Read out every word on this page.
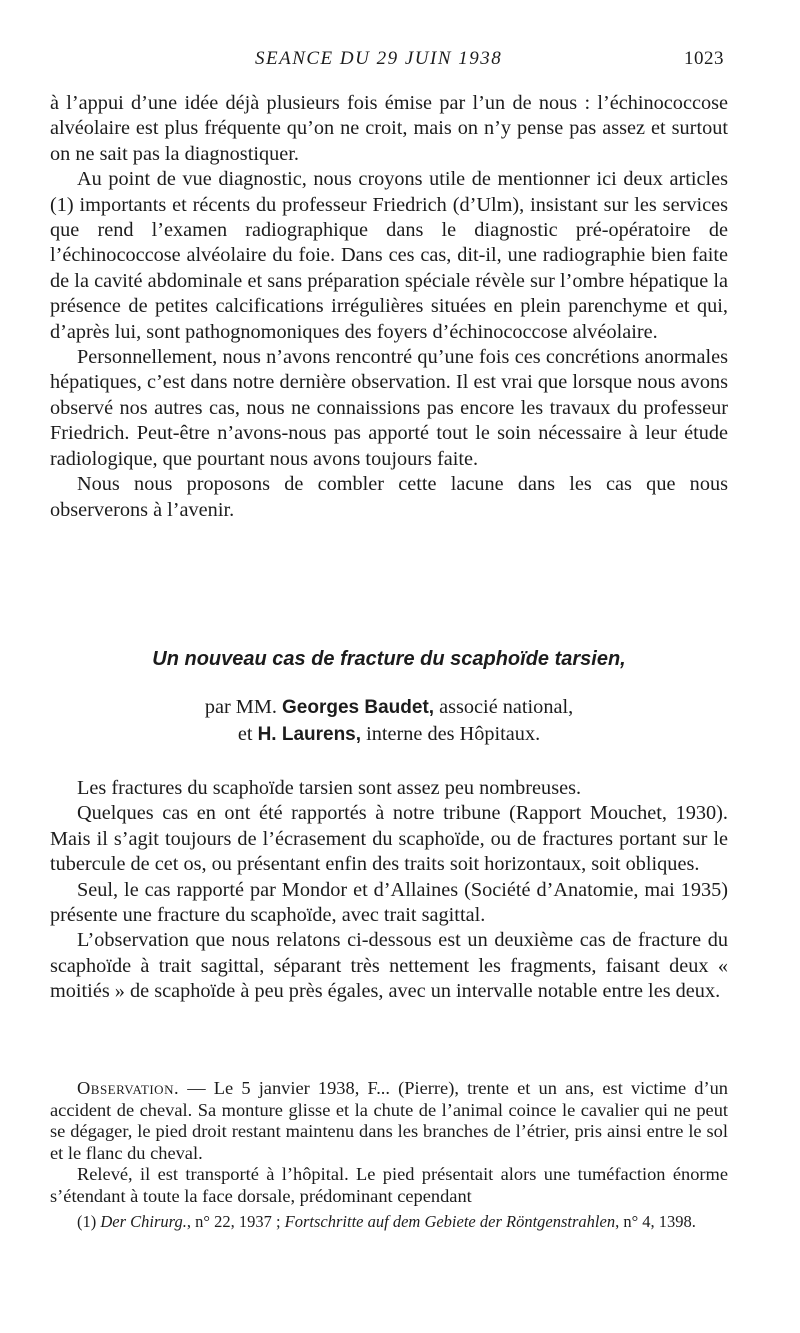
SEANCE DU 29 JUIN 1938	1023

à l’appui d’une idée déjà plusieurs fois émise par l’un de nous : l’échinococcose alvéolaire est plus fréquente qu’on ne croit, mais on n’y pense pas assez et surtout on ne sait pas la diagnostiquer.

Au point de vue diagnostic, nous croyons utile de mentionner ici deux articles (1) importants et récents du professeur Friedrich (d’Ulm), insistant sur les services que rend l’examen radiographique dans le diagnostic pré-opératoire de l’échinococcose alvéolaire du foie. Dans ces cas, dit-il, une radiographie bien faite de la cavité abdominale et sans préparation spéciale révèle sur l’ombre hépatique la présence de petites calcifications irrégulières situées en plein parenchyme et qui, d’après lui, sont pathognomoniques des foyers d’échinococcose alvéolaire.

Personnellement, nous n’avons rencontré qu’une fois ces concrétions anormales hépatiques, c’est dans notre dernière observation. Il est vrai que lorsque nous avons observé nos autres cas, nous ne connaissions pas encore les travaux du professeur Friedrich. Peut-être n’avons-nous pas apporté tout le soin nécessaire à leur étude radiologique, que pourtant nous avons toujours faite.

Nous nous proposons de combler cette lacune dans les cas que nous observerons à l’avenir.

Un nouveau cas de fracture du scaphoïde tarsien,
par MM. Georges Baudet, associé national,
et H. Laurens, interne des Hôpitaux.

Les fractures du scaphoïde tarsien sont assez peu nombreuses.

Quelques cas en ont été rapportés à notre tribune (Rapport Mouchet, 1930). Mais il s’agit toujours de l’écrasement du scaphoïde, ou de fractures portant sur le tubercule de cet os, ou présentant enfin des traits soit horizontaux, soit obliques.

Seul, le cas rapporté par Mondor et d’Allaines (Société d’Anatomie, mai 1935) présente une fracture du scaphoïde, avec trait sagittal.

L’observation que nous relatons ci-dessous est un deuxième cas de fracture du scaphoïde à trait sagittal, séparant très nettement les fragments, faisant deux « moitiés » de scaphoïde à peu près égales, avec un intervalle notable entre les deux.

Observation. — Le 5 janvier 1938, F... (Pierre), trente et un ans, est victime d’un accident de cheval. Sa monture glisse et la chute de l’animal coince le cavalier qui ne peut se dégager, le pied droit restant maintenu dans les branches de l’étrier, pris ainsi entre le sol et le flanc du cheval.

Relevé, il est transporté à l’hôpital. Le pied présentait alors une tuméfaction énorme s’étendant à toute la face dorsale, prédominant cependant

(1) Der Chirurg., n° 22, 1937 ; Fortschritte auf dem Gebiete der Röntgenstrahlen, n° 4, 1398.
